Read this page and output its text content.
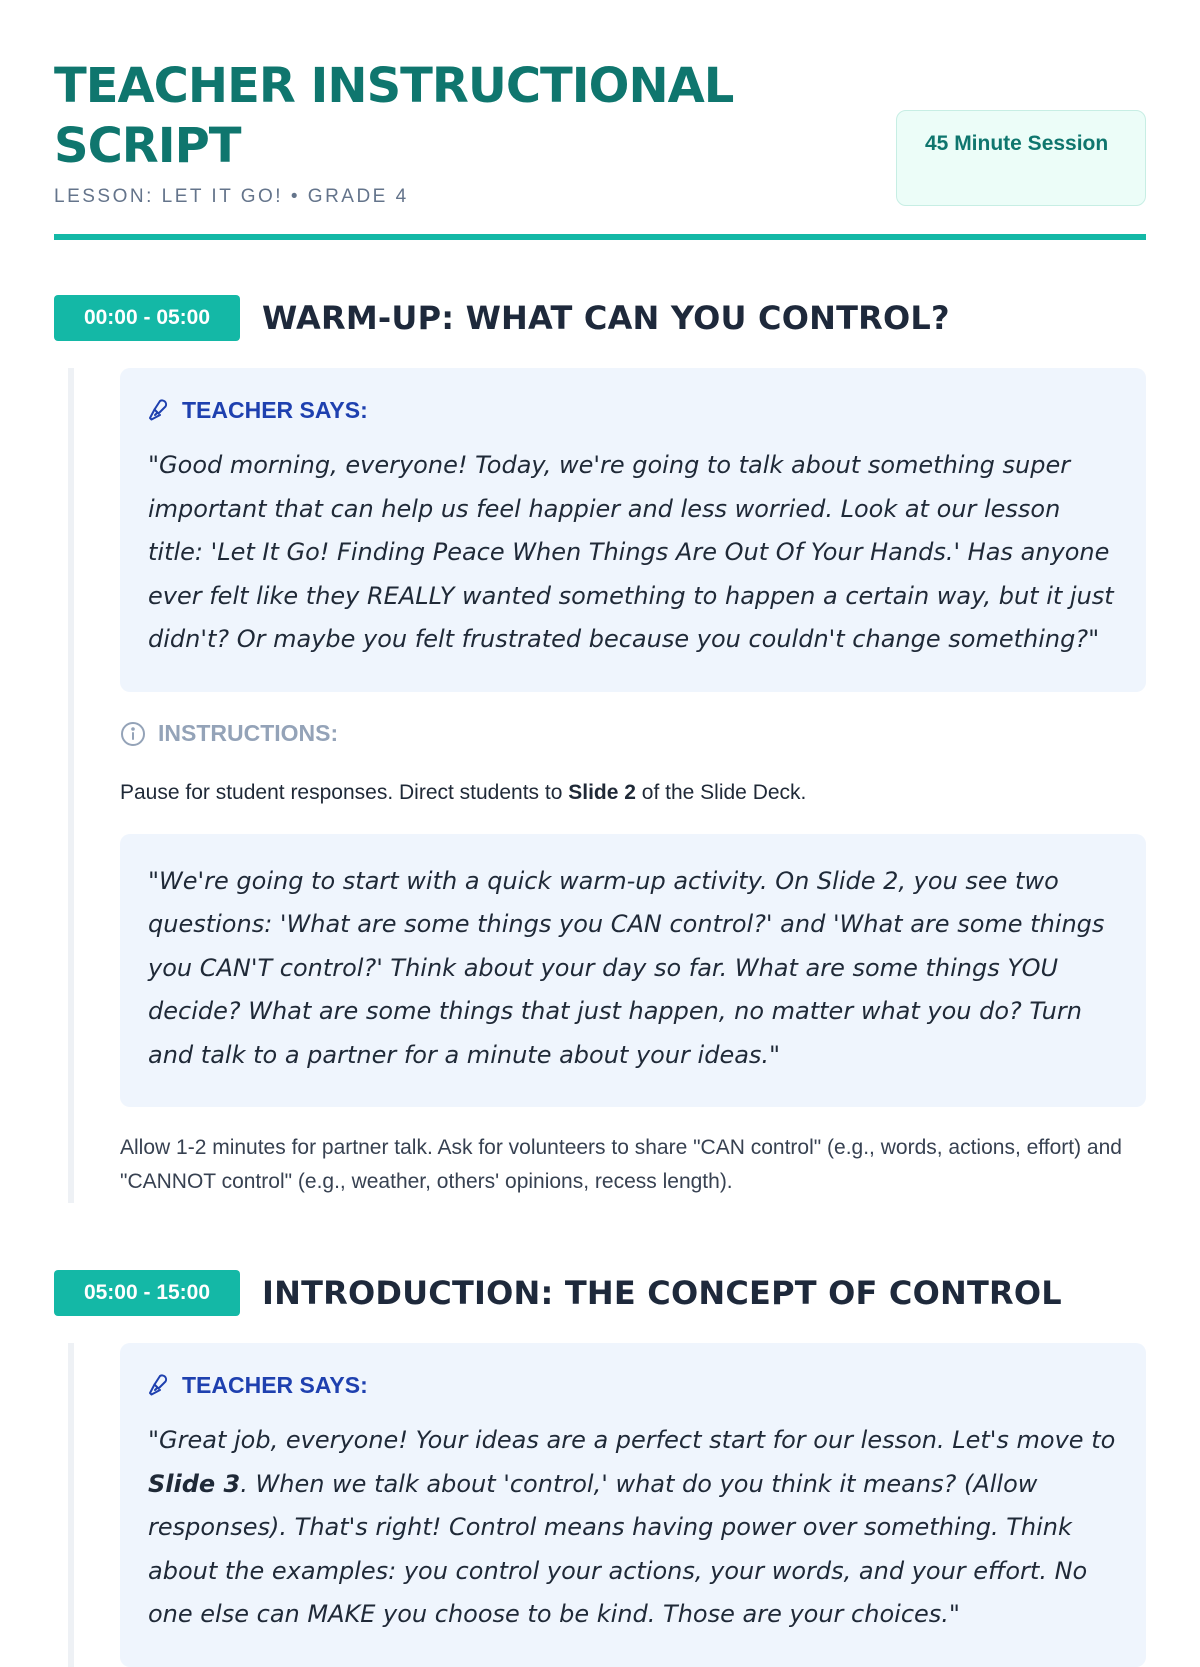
TEACHER INSTRUCTIONAL SCRIPT
LESSON: LET IT GO! • GRADE 4
45 Minute Session
00:00 - 05:00	WARM-UP: WHAT CAN YOU CONTROL?
TEACHER SAYS:
"Good morning, everyone! Today, we're going to talk about something super important that can help us feel happier and less worried. Look at our lesson title: 'Let It Go! Finding Peace When Things Are Out Of Your Hands.' Has anyone ever felt like they REALLY wanted something to happen a certain way, but it just didn't? Or maybe you felt frustrated because you couldn't change something?"
INSTRUCTIONS:
Pause for student responses. Direct students to Slide 2 of the Slide Deck.
"We're going to start with a quick warm-up activity. On Slide 2, you see two questions: 'What are some things you CAN control?' and 'What are some things you CAN'T control?' Think about your day so far. What are some things YOU decide? What are some things that just happen, no matter what you do? Turn and talk to a partner for a minute about your ideas."
Allow 1-2 minutes for partner talk. Ask for volunteers to share "CAN control" (e.g., words, actions, effort) and "CANNOT control" (e.g., weather, others' opinions, recess length).
05:00 - 15:00	INTRODUCTION: THE CONCEPT OF CONTROL
TEACHER SAYS:
"Great job, everyone! Your ideas are a perfect start for our lesson. Let's move to Slide 3. When we talk about 'control,' what do you think it means? (Allow responses). That's right! Control means having power over something. Think about the examples: you control your actions, your words, and your effort. No one else can MAKE you choose to be kind. Those are your choices."
